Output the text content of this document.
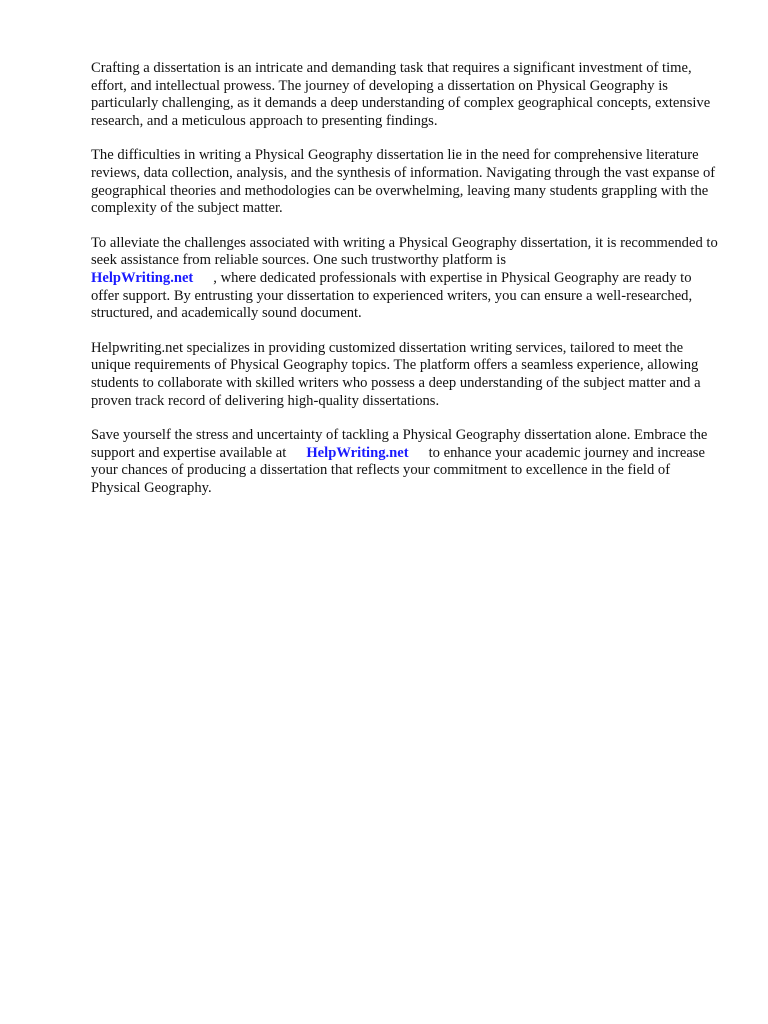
Crafting a dissertation is an intricate and demanding task that requires a significant investment of time, effort, and intellectual prowess. The journey of developing a dissertation on Physical Geography is particularly challenging, as it demands a deep understanding of complex geographical concepts, extensive research, and a meticulous approach to presenting findings.

The difficulties in writing a Physical Geography dissertation lie in the need for comprehensive literature reviews, data collection, analysis, and the synthesis of information. Navigating through the vast expanse of geographical theories and methodologies can be overwhelming, leaving many students grappling with the complexity of the subject matter.

To alleviate the challenges associated with writing a Physical Geography dissertation, it is recommended to seek assistance from reliable sources. One such trustworthy platform is
HelpWriting.net , where dedicated professionals with expertise in Physical Geography are ready to offer support. By entrusting your dissertation to experienced writers, you can ensure a well-researched, structured, and academically sound document.

Helpwriting.net specializes in providing customized dissertation writing services, tailored to meet the unique requirements of Physical Geography topics. The platform offers a seamless experience, allowing students to collaborate with skilled writers who possess a deep understanding of the subject matter and a proven track record of delivering high-quality dissertations.

Save yourself the stress and uncertainty of tackling a Physical Geography dissertation alone. Embrace the support and expertise available at HelpWriting.net to enhance your academic journey and increase your chances of producing a dissertation that reflects your commitment to excellence in the field of Physical Geography.
